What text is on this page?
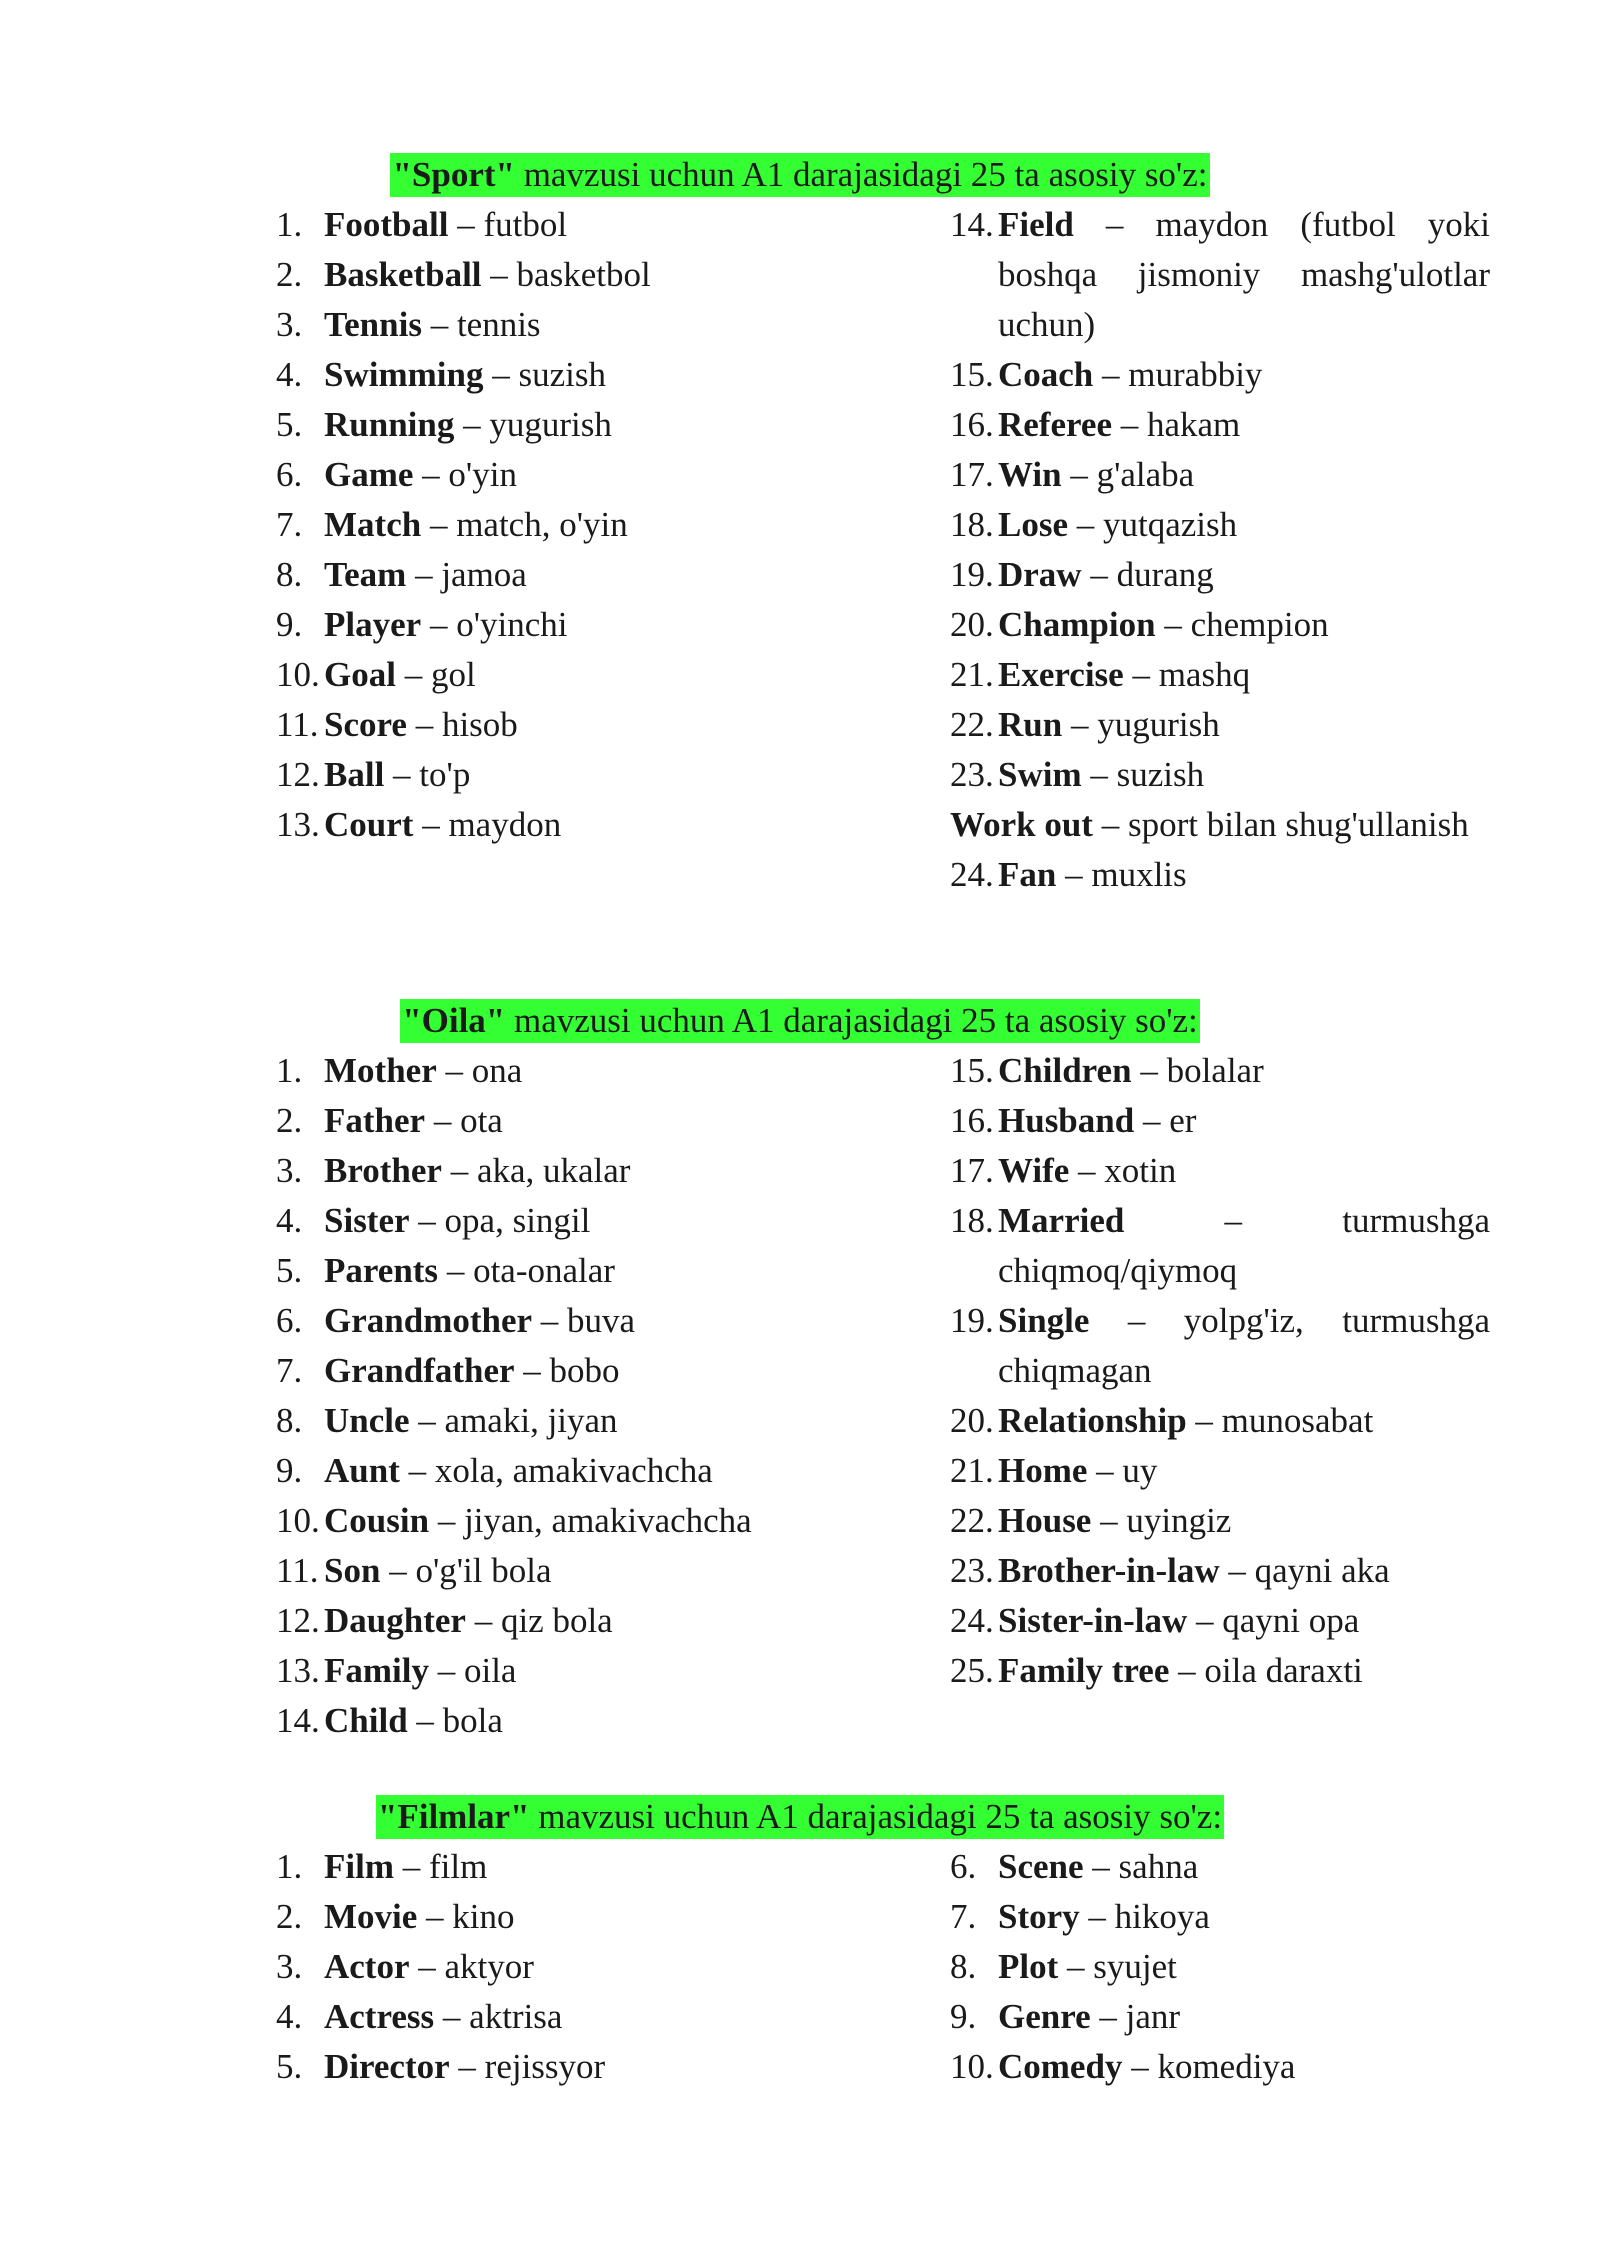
"Sport" mavzusi uchun A1 darajasidagi 25 ta asosiy so'z:
1. Football – futbol
2. Basketball – basketbol
3. Tennis – tennis
4. Swimming – suzish
5. Running – yugurish
6. Game – o'yin
7. Match – match, o'yin
8. Team – jamoa
9. Player – o'yinchi
10. Goal – gol
11. Score – hisob
12. Ball – to'p
13. Court – maydon
14. Field – maydon (futbol yoki boshqa jismoniy mashg'ulotlar uchun)
15. Coach – murabbiy
16. Referee – hakam
17. Win – g'alaba
18. Lose – yutqazish
19. Draw – durang
20. Champion – chempion
21. Exercise – mashq
22. Run – yugurish
23. Swim – suzish
Work out – sport bilan shug'ullanish
24. Fan – muxlis
"Oila" mavzusi uchun A1 darajasidagi 25 ta asosiy so'z:
1. Mother – ona
2. Father – ota
3. Brother – aka, ukalar
4. Sister – opa, singil
5. Parents – ota-onalar
6. Grandmother – buva
7. Grandfather – bobo
8. Uncle – amaki, jiyan
9. Aunt – xola, amakivachcha
10. Cousin – jiyan, amakivachcha
11. Son – o'g'il bola
12. Daughter – qiz bola
13. Family – oila
14. Child – bola
15. Children – bolalar
16. Husband – er
17. Wife – xotin
18. Married – turmushga chiqmoq/qiymoq
19. Single – yolpg'iz, turmushga chiqmagan
20. Relationship – munosabat
21. Home – uy
22. House – uyingiz
23. Brother-in-law – qayni aka
24. Sister-in-law – qayni opa
25. Family tree – oila daraxti
"Filmlar" mavzusi uchun A1 darajasidagi 25 ta asosiy so'z:
1. Film – film
2. Movie – kino
3. Actor – aktyor
4. Actress – aktrisa
5. Director – rejissyor
6. Scene – sahna
7. Story – hikoya
8. Plot – syujet
9. Genre – janr
10. Comedy – komediya
